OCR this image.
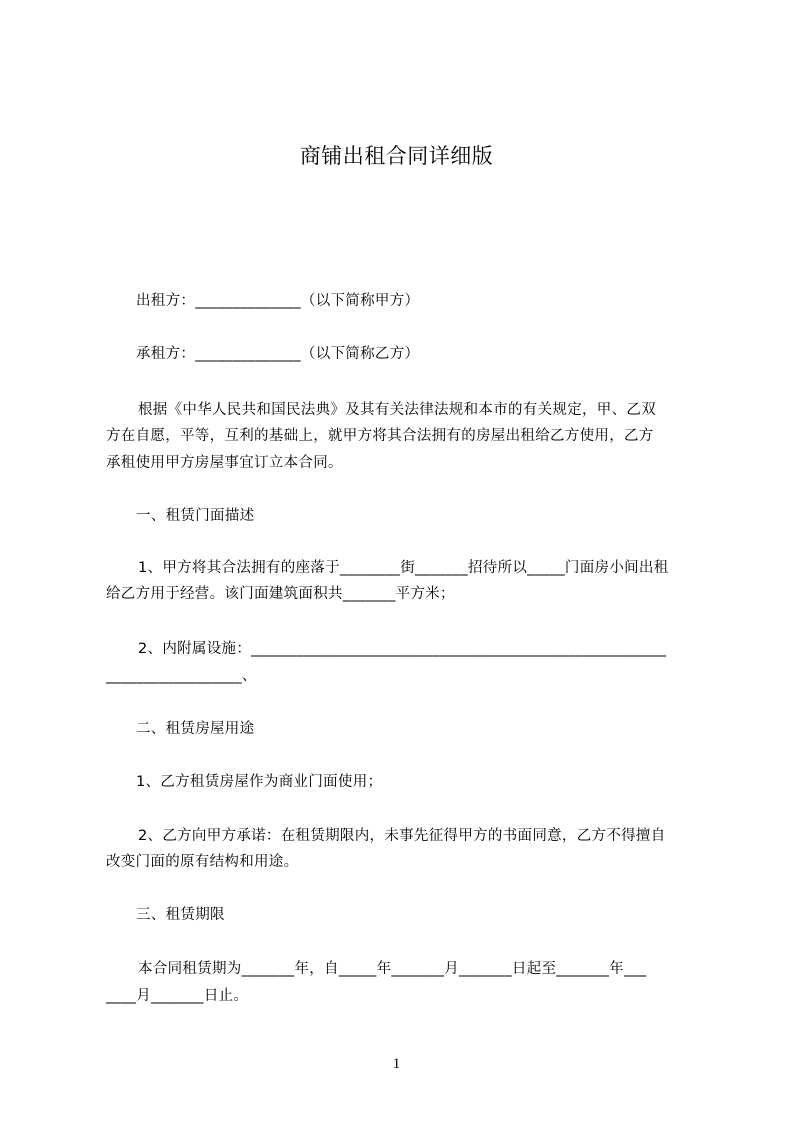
商铺出租合同详细版
出租方：______________（以下简称甲方）
承租方：______________（以下简称乙方）
根据《中华人民共和国民法典》及其有关法律法规和本市的有关规定，甲、乙双
方在自愿，平等，互利的基础上，就甲方将其合法拥有的房屋出租给乙方使用，乙方
承租使用甲方房屋事宜订立本合同。
一、租赁门面描述
1、甲方将其合法拥有的座落于________街_______招待所以_____门面房小间出租
给乙方用于经营。该门面建筑面积共_______平方米；
2、内附属设施：_______________________________________________________
__________________、
二、租赁房屋用途
1、乙方租赁房屋作为商业门面使用；
2、乙方向甲方承诺：在租赁期限内，未事先征得甲方的书面同意，乙方不得擅自
改变门面的原有结构和用途。
三、租赁期限
本合同租赁期为_______年，自_____年_______月_______日起至_______年___
____月_______日止。
1
